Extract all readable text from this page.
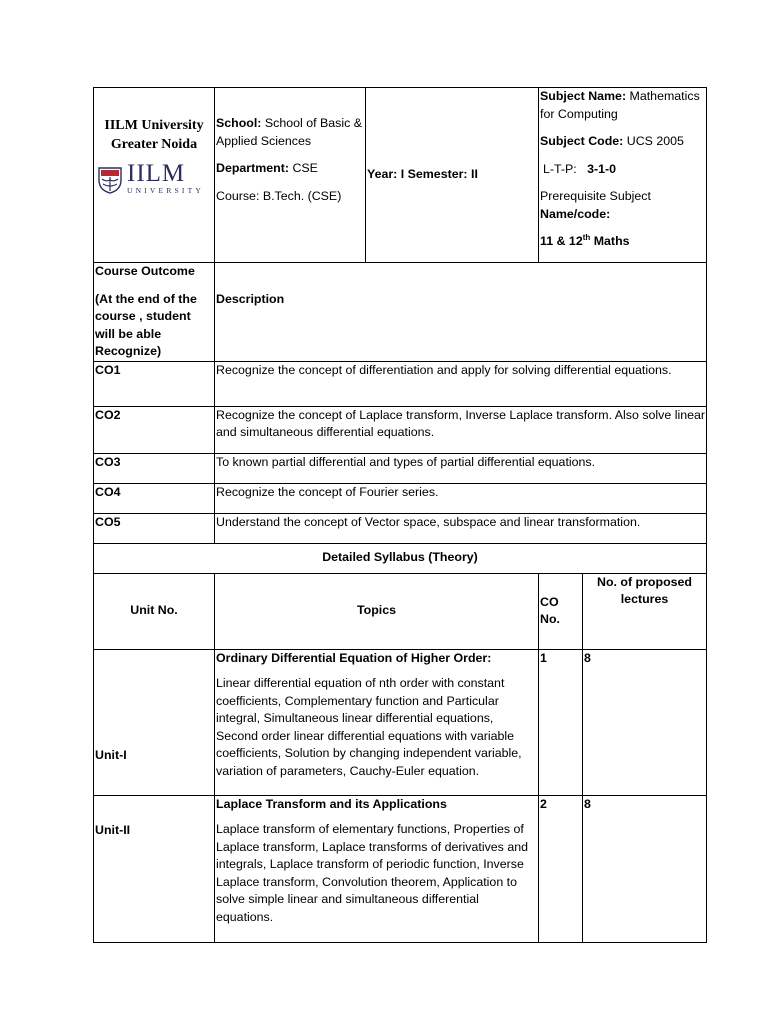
IILM University
Greater Noida
IILM
UNIVERSITY

School: School of Basic & Applied Sciences

Department: CSE

Course: B.Tech. (CSE)

	Year: I Semester: II	

Subject Name: Mathematics for Computing

Subject Code: UCS 2005

L-T-P: 3-1-0

Prerequisite Subject

Name/code:

11 & 12th Maths

Course Outcome

(At the end of the course , student will be able Recognize)	Description

CO1	Recognize the concept of differentiation and apply for solving differential equations.
CO2	Recognize the concept of Laplace transform, Inverse Laplace transform. Also solve linear and simultaneous differential equations.
CO3	To known partial differential and types of partial differential equations.
CO4	Recognize the concept of Fourier series.
CO5	Understand the concept of Vector space, subspace and linear transformation.
Detailed Syllabus (Theory)	
Unit No.	Topics	CO No.	No. of proposed lectures

Unit-I	Ordinary Differential Equation of Higher Order:

Linear differential equation of nth order with constant coefficients, Complementary function and Particular integral, Simultaneous linear differential equations, Second order linear differential equations with variable coefficients, Solution by changing independent variable, variation of parameters, Cauchy-Euler equation.	1	8

Unit-II	Laplace Transform and its Applications

Laplace transform of elementary functions, Properties of Laplace transform, Laplace transforms of derivatives and integrals, Laplace transform of periodic function, Inverse Laplace transform, Convolution theorem, Application to solve simple linear and simultaneous differential equations.	2	8
